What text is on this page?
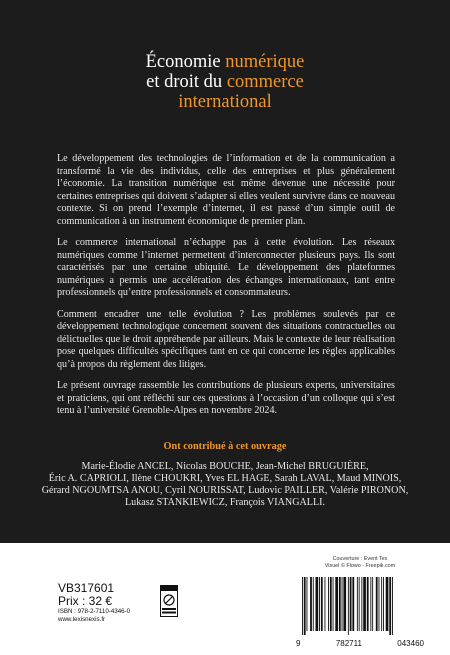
Économie numérique
et droit du commerce
international

Le développement des technologies de l’information et de la communication a transformé la vie des individus, celle des entreprises et plus généralement l’économie. La transition numérique est même devenue une nécessité pour certaines entreprises qui doivent s’adapter si elles veulent survivre dans ce nouveau contexte. Si on prend l’exemple d’internet, il est passé d’un simple outil de communication à un instrument économique de premier plan.

Le commerce international n’échappe pas à cette évolution. Les réseaux numériques comme l’internet permettent d’interconnecter plusieurs pays. Ils sont caractérisés par une certaine ubiquité. Le développement des plateformes numériques a permis une accélération des échanges internationaux, tant entre professionnels qu’entre professionnels et consommateurs.

Comment encadrer une telle évolution ? Les problèmes soulevés par ce développement technologique concernent souvent des situations contractuelles ou délictuelles que le droit appréhende par ailleurs. Mais le contexte de leur réalisation pose quelques difficultés spécifiques tant en ce qui concerne les règles applicables qu’à propos du règlement des litiges.

Le présent ouvrage rassemble les contributions de plusieurs experts, universitaires et praticiens, qui ont réfléchi sur ces questions à l’occasion d’un colloque qui s’est tenu à l’université Grenoble-Alpes en novembre 2024.

Ont contribué à cet ouvrage
Marie-Élodie ANCEL, Nicolas BOUCHE, Jean-Michel BRUGUIÈRE,
Éric A. CAPRIOLI, Ilène CHOUKRI, Yves EL HAGE, Sarah LAVAL, Maud MINOIS,
Gérard NGOUMTSA ANOU, Cyril NOURISSAT, Ludovic PAILLER, Valérie PIRONON,
Lukasz STANKIEWICZ, François VIANGALLI.
VB317601
Prix : 32 €
ISBN : 978-2-7110-4346-0
www.lexisnexis.fr
Couverture : Event Tex
Visuel © Flowo - Freepik.com
9	782711	043460
